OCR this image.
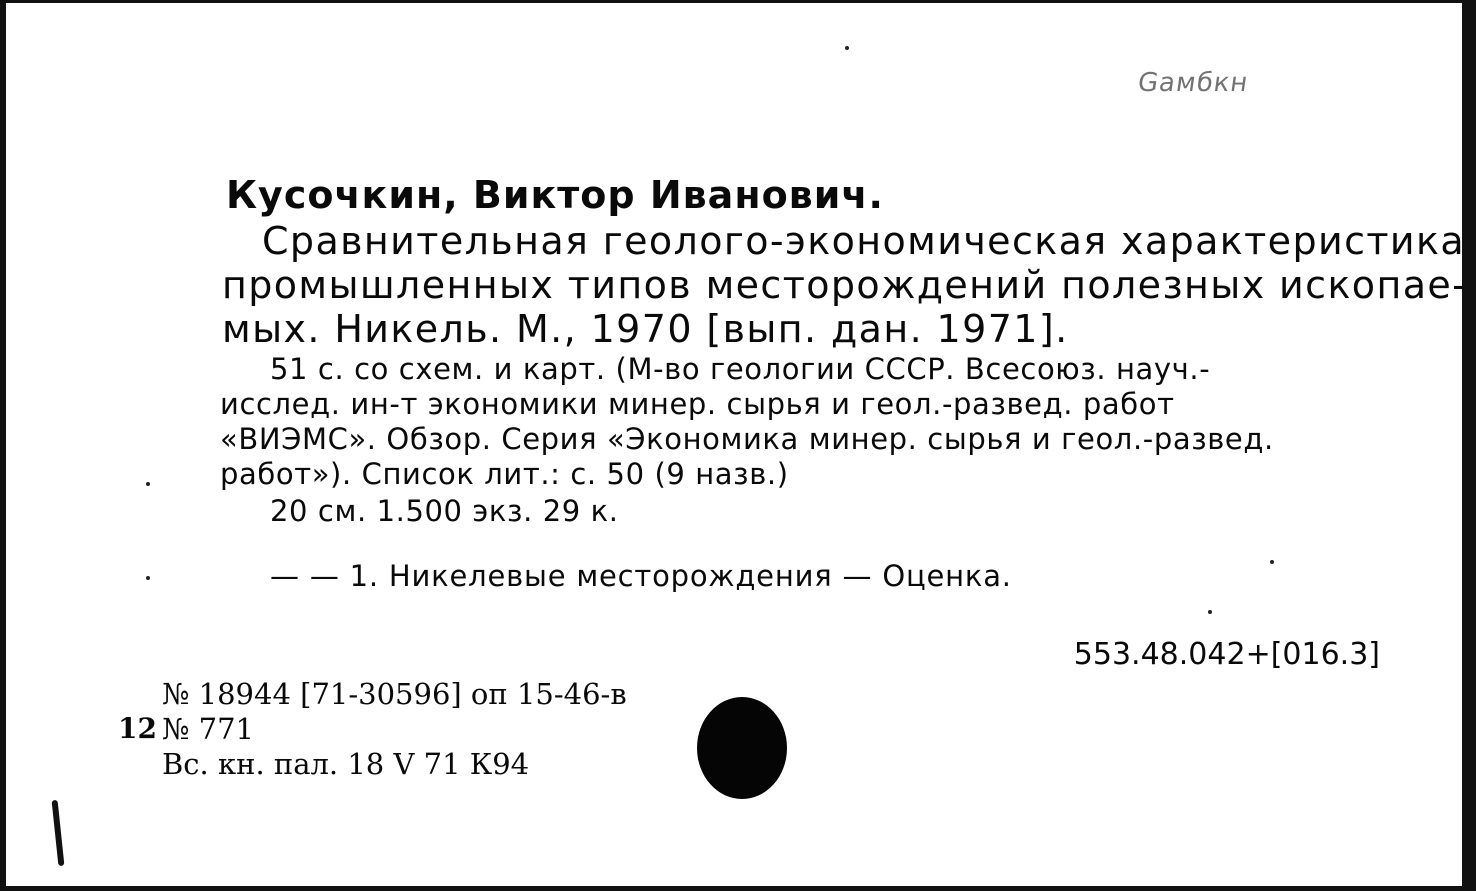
Gамбкн
Кусочкин, Виктор Иванович.
Сравнительная геолого-экономическая характеристика
промышленных типов месторождений полезных ископае-
мых. Никель. М., 1970 [вып. дан. 1971].
51 с. со схем. и карт. (М-во геологии СССР. Всесоюз. науч.-
исслед. ин-т экономики минер. сырья и геол.-развед. работ
«ВИЭМС». Обзор. Серия «Экономика минер. сырья и геол.-развед.
работ»). Список лит.: с. 50 (9 назв.)
20 см. 1.500 экз. 29 к.
— — 1. Никелевые месторождения — Оценка.
553.48.042+[016.3]
12
№ 18944 [71-30596] оп 15-46-в
№ 771
Вс. кн. пал. 18 V 71 К94
